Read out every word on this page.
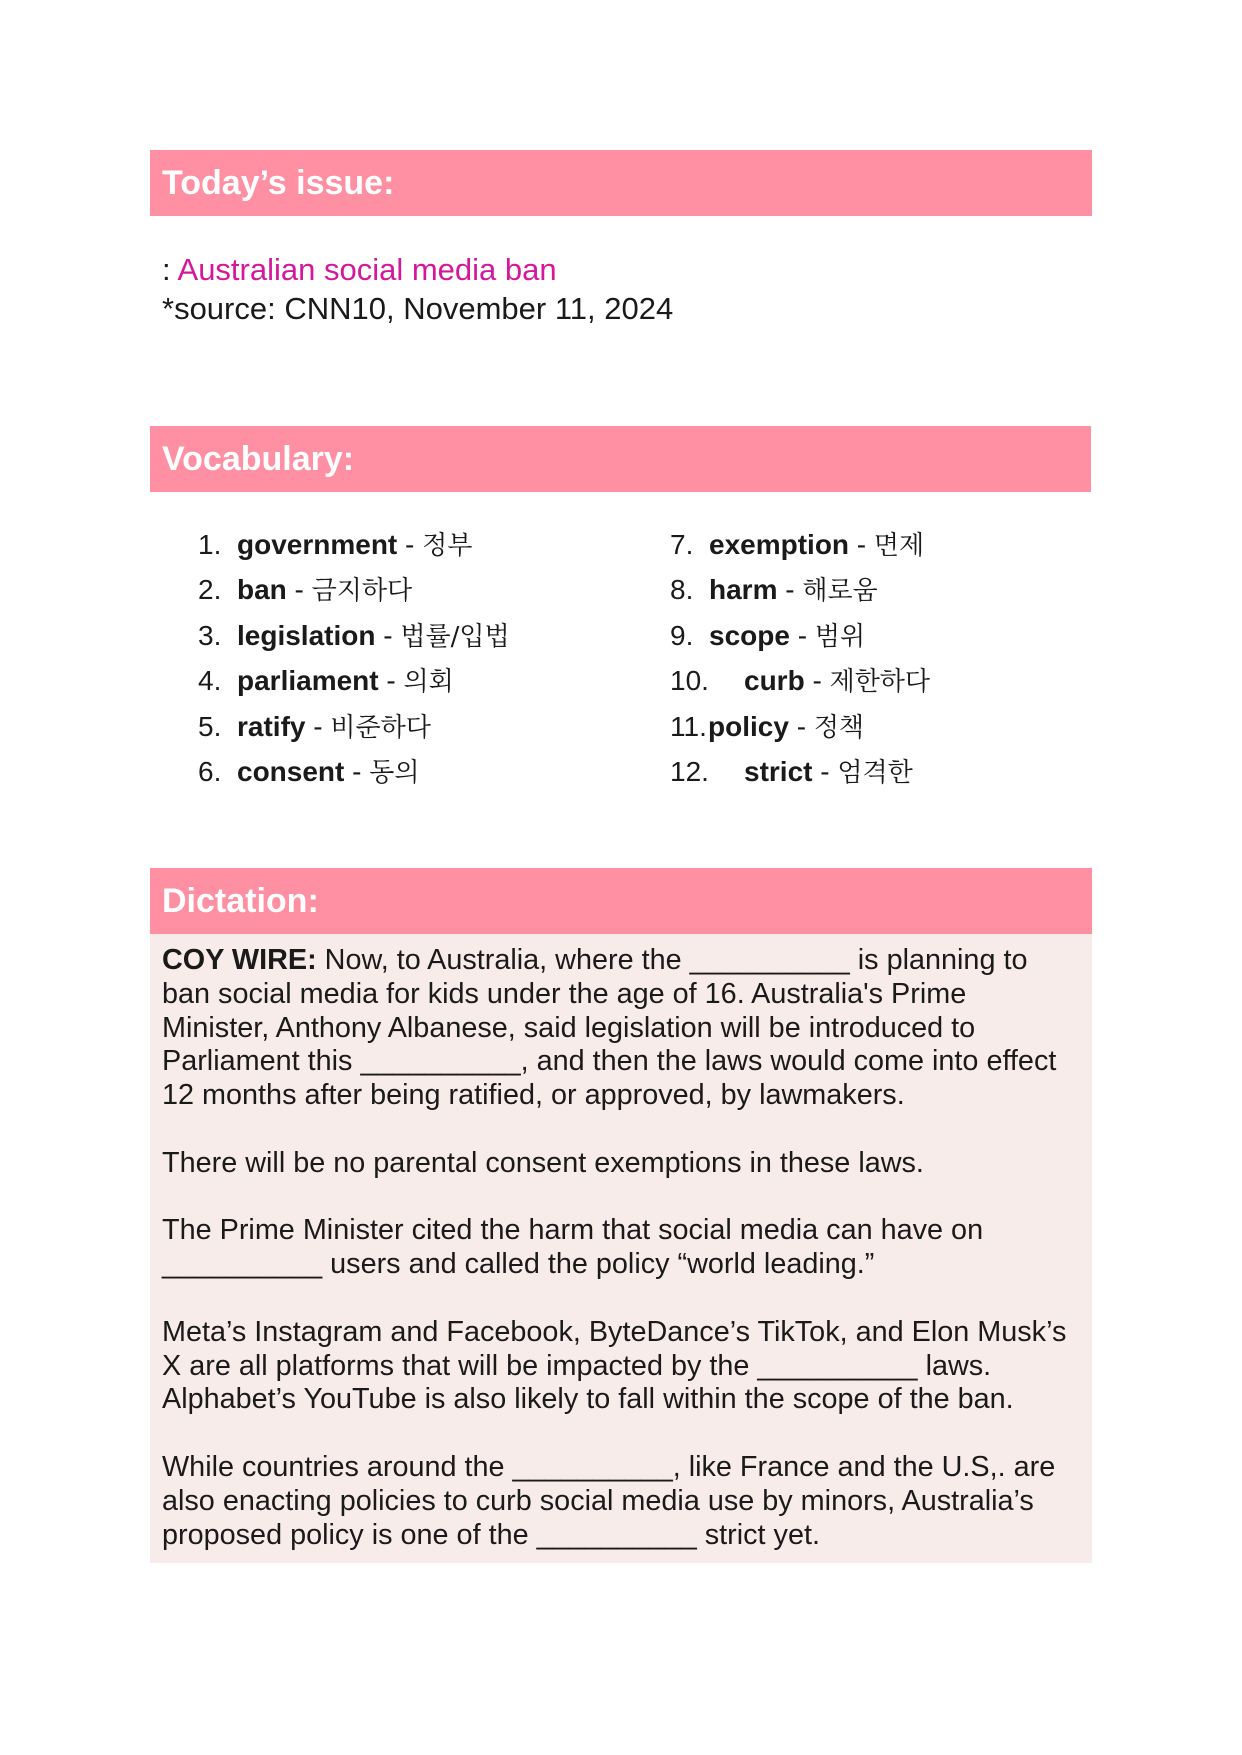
Today’s issue:
: Australian social media ban
*source: CNN10, November 11, 2024
Vocabulary:
1. government - 정부
2. ban - 금지하다
3. legislation - 법률/입법
4. parliament - 의회
5. ratify - 비준하다
6. consent - 동의
7. exemption - 면제
8. harm - 해로움
9. scope - 범위
10. curb - 제한하다
11.policy - 정책
12. strict - 엄격한
Dictation:

COY WIRE: Now, to Australia, where the __________ is planning to
ban social media for kids under the age of 16. Australia's Prime
Minister, Anthony Albanese, said legislation will be introduced to
Parliament this __________, and then the laws would come into effect
12 months after being ratified, or approved, by lawmakers.

There will be no parental consent exemptions in these laws.

The Prime Minister cited the harm that social media can have on
__________ users and called the policy “world leading.”

Meta’s Instagram and Facebook, ByteDance’s TikTok, and Elon Musk’s
X are all platforms that will be impacted by the __________ laws.
Alphabet’s YouTube is also likely to fall within the scope of the ban.

While countries around the __________, like France and the U.S,. are
also enacting policies to curb social media use by minors, Australia’s
proposed policy is one of the __________ strict yet.
